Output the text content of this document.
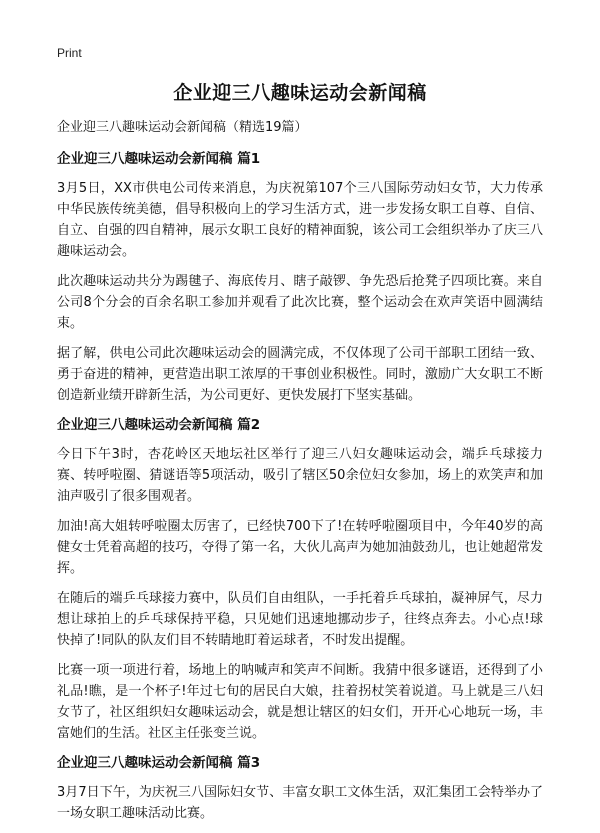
Print
企业迎三八趣味运动会新闻稿

企业迎三八趣味运动会新闻稿（精选19篇）

企业迎三八趣味运动会新闻稿 篇1

3月5日，XX市供电公司传来消息，为庆祝第107个三八国际劳动妇女节，大力传承中华民族传统美德，倡导积极向上的学习生活方式，进一步发扬女职工自尊、自信、自立、自强的四自精神，展示女职工良好的精神面貌，该公司工会组织举办了庆三八趣味运动会。

此次趣味运动共分为踢毽子、海底传月、瞎子敲锣、争先恐后抢凳子四项比赛。来自公司8个分会的百余名职工参加并观看了此次比赛，整个运动会在欢声笑语中圆满结束。

据了解，供电公司此次趣味运动会的圆满完成，不仅体现了公司干部职工团结一致、勇于奋进的精神，更营造出职工浓厚的干事创业积极性。同时，激励广大女职工不断创造新业绩开辟新生活，为公司更好、更快发展打下坚实基础。

企业迎三八趣味运动会新闻稿 篇2

今日下午3时，杏花岭区天地坛社区举行了迎三八妇女趣味运动会，端乒乓球接力赛、转呼啦圈、猜谜语等5项活动，吸引了辖区50余位妇女参加，场上的欢笑声和加油声吸引了很多围观者。

加油!高大姐转呼啦圈太厉害了，已经快700下了!在转呼啦圈项目中，今年40岁的高健女士凭着高超的技巧，夺得了第一名，大伙儿高声为她加油鼓劲儿，也让她超常发挥。

在随后的端乒乓球接力赛中，队员们自由组队，一手托着乒乓球拍，凝神屏气，尽力想让球拍上的乒乓球保持平稳，只见她们迅速地挪动步子，往终点奔去。小心点!球快掉了!同队的队友们目不转睛地盯着运球者，不时发出提醒。

比赛一项一项进行着，场地上的呐喊声和笑声不间断。我猜中很多谜语，还得到了小礼品!瞧，是一个杯子!年过七旬的居民白大娘，拄着拐杖笑着说道。马上就是三八妇女节了，社区组织妇女趣味运动会，就是想让辖区的妇女们，开开心心地玩一场，丰富她们的生活。社区主任张变兰说。

企业迎三八趣味运动会新闻稿 篇3

3月7日下午，为庆祝三八国际妇女节、丰富女职工文体生活，双汇集团工会特举办了一场女职工趣味活动比赛。
